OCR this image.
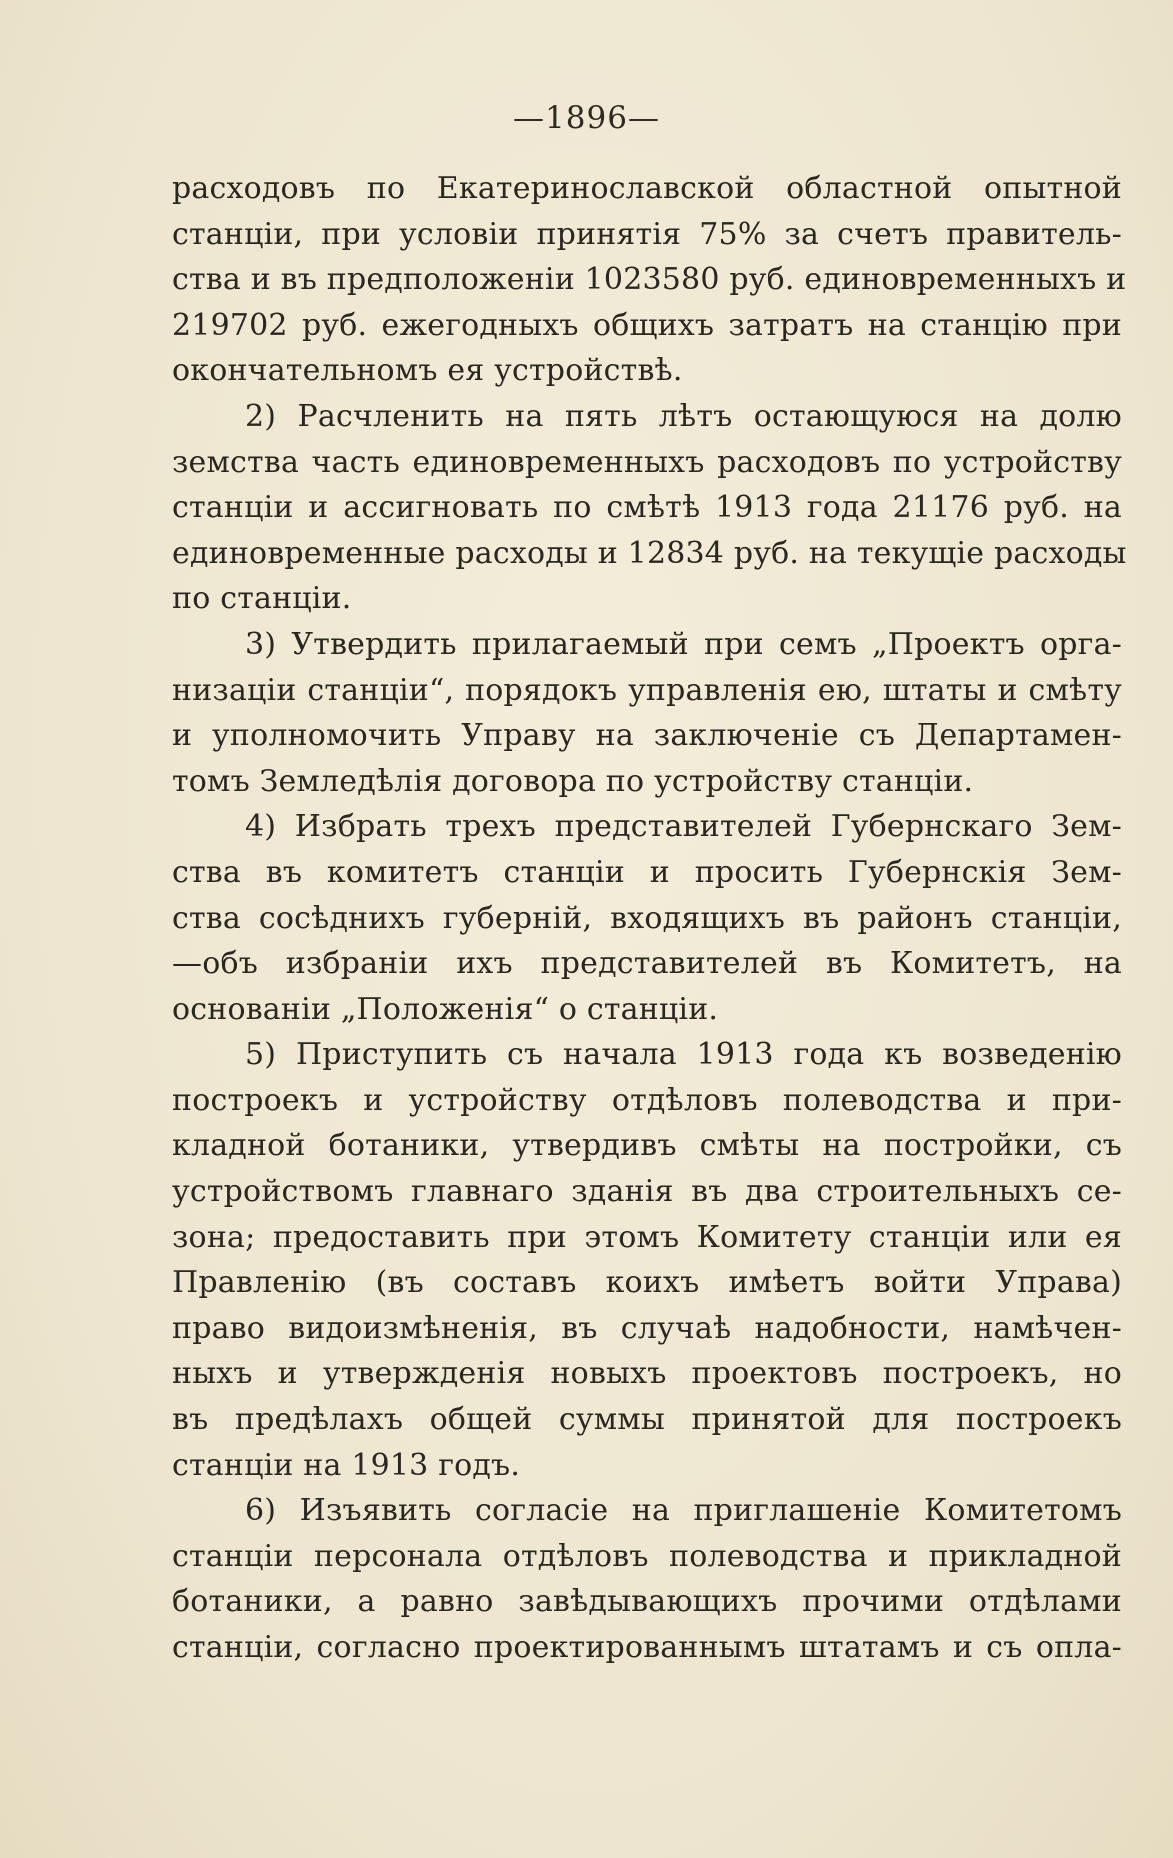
—1896—
расходовъ по Екатеринославской областной опытной
станціи, при условіи принятія 75% за счетъ правитель-
ства и въ предположеніи 1023580 руб. единовременныхъ и
219702 руб. ежегодныхъ общихъ затратъ на станцію при
окончательномъ ея устройствѣ.
2) Расчленить на пять лѣтъ остающуюся на долю
земства часть единовременныхъ расходовъ по устройству
станціи и ассигновать по смѣтѣ 1913 года 21176 руб. на
единовременные расходы и 12834 руб. на текущіе расходы
по станціи.
3) Утвердить прилагаемый при семъ „Проектъ орга-
низаціи станціи“, порядокъ управленія ею, штаты и смѣту
и уполномочить Управу на заключеніе съ Департамен-
томъ Земледѣлія договора по устройству станціи.
4) Избрать трехъ представителей Губернскаго Зем-
ства въ комитетъ станціи и просить Губернскія Зем-
ства сосѣднихъ губерній, входящихъ въ районъ станціи,
—объ избраніи ихъ представителей въ Комитетъ, на
основаніи „Положенія“ о станціи.
5) Приступить съ начала 1913 года къ возведенію
построекъ и устройству отдѣловъ полеводства и при-
кладной ботаники, утвердивъ смѣты на постройки, съ
устройствомъ главнаго зданія въ два строительныхъ се-
зона; предоставить при этомъ Комитету станціи или ея
Правленію (въ составъ коихъ имѣетъ войти Управа)
право видоизмѣненія, въ случаѣ надобности, намѣчен-
ныхъ и утвержденія новыхъ проектовъ построекъ, но
въ предѣлахъ общей суммы принятой для построекъ
станціи на 1913 годъ.
6) Изъявить согласіе на приглашеніе Комитетомъ
станціи персонала отдѣловъ полеводства и прикладной
ботаники, а равно завѣдывающихъ прочими отдѣлами
станціи, согласно проектированнымъ штатамъ и съ опла-
